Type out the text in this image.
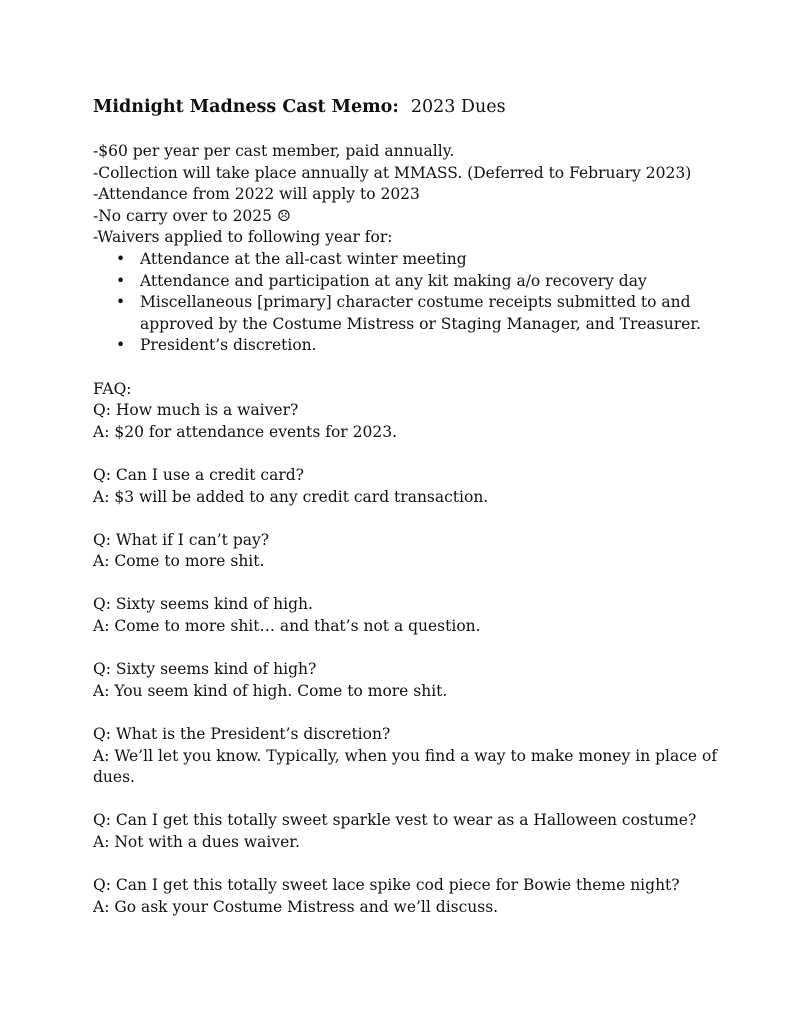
Midnight Madness Cast Memo: 2023 Dues

-$60 per year per cast member, paid annually.

-Collection will take place annually at MMASS. (Deferred to February 2023)

-Attendance from 2022 will apply to 2023

-No carry over to 2025 ☹

-Waivers applied to following year for:

• Attendance at the all-cast winter meeting
• Attendance and participation at any kit making a/o recovery day
• Miscellaneous [primary] character costume receipts submitted to and approved by the Costume Mistress or Staging Manager, and Treasurer.
• President’s discretion.

FAQ:

Q: How much is a waiver?

A: $20 for attendance events for 2023.

Q: Can I use a credit card?

A: $3 will be added to any credit card transaction.

Q: What if I can’t pay?

A: Come to more shit.

Q: Sixty seems kind of high.

A: Come to more shit… and that’s not a question.

Q: Sixty seems kind of high?

A: You seem kind of high. Come to more shit.

Q: What is the President’s discretion?

A: We’ll let you know. Typically, when you find a way to make money in place of dues.

Q: Can I get this totally sweet sparkle vest to wear as a Halloween costume?

A: Not with a dues waiver.

Q: Can I get this totally sweet lace spike cod piece for Bowie theme night?

A: Go ask your Costume Mistress and we’ll discuss.
